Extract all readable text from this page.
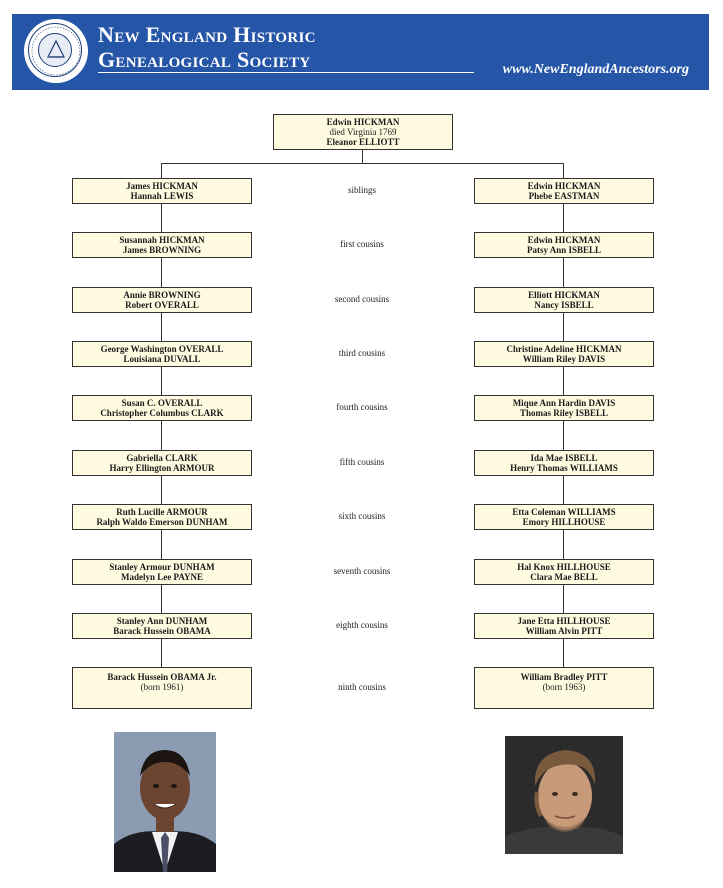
New England Historic
Genealogical Society	www.NewEnglandAncestors.org
Edwin HICKMAN
died Virginia 1769
Eleanor ELLIOTT
James HICKMAN
Hannah LEWIS
Edwin HICKMAN
Phebe EASTMAN
siblings
Susannah HICKMAN
James BROWNING
Edwin HICKMAN
Patsy Ann ISBELL
first cousins
Annie BROWNING
Robert OVERALL
Elliott HICKMAN
Nancy ISBELL
second cousins
George Washington OVERALL
Louisiana DUVALL
Christine Adeline HICKMAN
William Riley DAVIS
third cousins
Susan C. OVERALL
Christopher Columbus CLARK
Mique Ann Hardin DAVIS
Thomas Riley ISBELL
fourth cousins
Gabriella CLARK
Harry Ellington ARMOUR
Ida Mae ISBELL
Henry Thomas WILLIAMS
fifth cousins
Ruth Lucille ARMOUR
Ralph Waldo Emerson DUNHAM
Etta Coleman WILLIAMS
Emory HILLHOUSE
sixth cousins
Stanley Armour DUNHAM
Madelyn Lee PAYNE
Hal Knox HILLHOUSE
Clara Mae BELL
seventh cousins
Stanley Ann DUNHAM
Barack Hussein OBAMA
Jane Etta HILLHOUSE
William Alvin PITT
eighth cousins
Barack Hussein OBAMA Jr.
(born 1961)
William Bradley PITT
(born 1963)
ninth cousins
